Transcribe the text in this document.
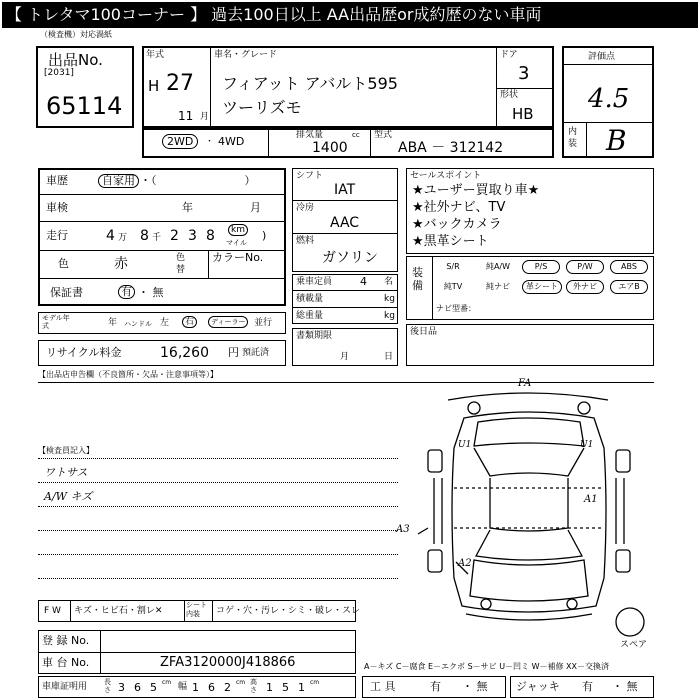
【 トレタマ100コーナー 】 過去100日以上 AA出品歴or成約歴のない車両
（検査機）対応渦紙
出品No.
[2031]
65114
年式
H 27
11 月
車名・グレード
フィアット アバルト595
ツーリズモ
ドア
3
形状
HB
評価点
4.5
内装 B
2WD	・ 4WD	排気量	cc
1400
型式
ABA － 312142
車歴	自家用 ・（　　　　　　　　）
車検	年	月
走行	4 万 8 千 2 3 8	km
マイル
)
色	赤	色替
カラーNo.
保証書	有 ・ 無
モデル年式	年 ハンドル 左	右	ディーラー 並行
リサイクル料金	16,260 円 預託済
シフト
IAT
冷房
AAC
燃料
ガソリン
乗車定員	4 名
積載量	kg
総重量	kg
書類期限
月	日
セールスポイント
★ユーザー買取り車★
★社外ナビ、TV
★バックカメラ
★黒革シート
装備
S/R	純A/W	P/S	P/W	ABS
純TV	純ナビ	革シート	外ナビ	エアB
ナビ型番：
後日品
【出品店申告欄（不良箇所・欠品・注意事項等）】
【検査員記入】
ワトサス
A/W キズ
FA
A1
A2
A3
U1	U1
スペア
F W キズ・ヒビ石・割レ✕
シート内装	コゲ・穴・汚レ・シミ・破レ・スレ
登 録 No.
車 台 No.	ZFA3120000J418866	A－キズ C－腐食 E－エクボ S－サビ U－凹ミ W－補修 XX－交換済
車庫証明用 長さ 3 6 5 cm 幅 1 6 2 cm 高さ 1 5 1 cm	工 具	有 ・ 無	ジャッキ 有 ・ 無
